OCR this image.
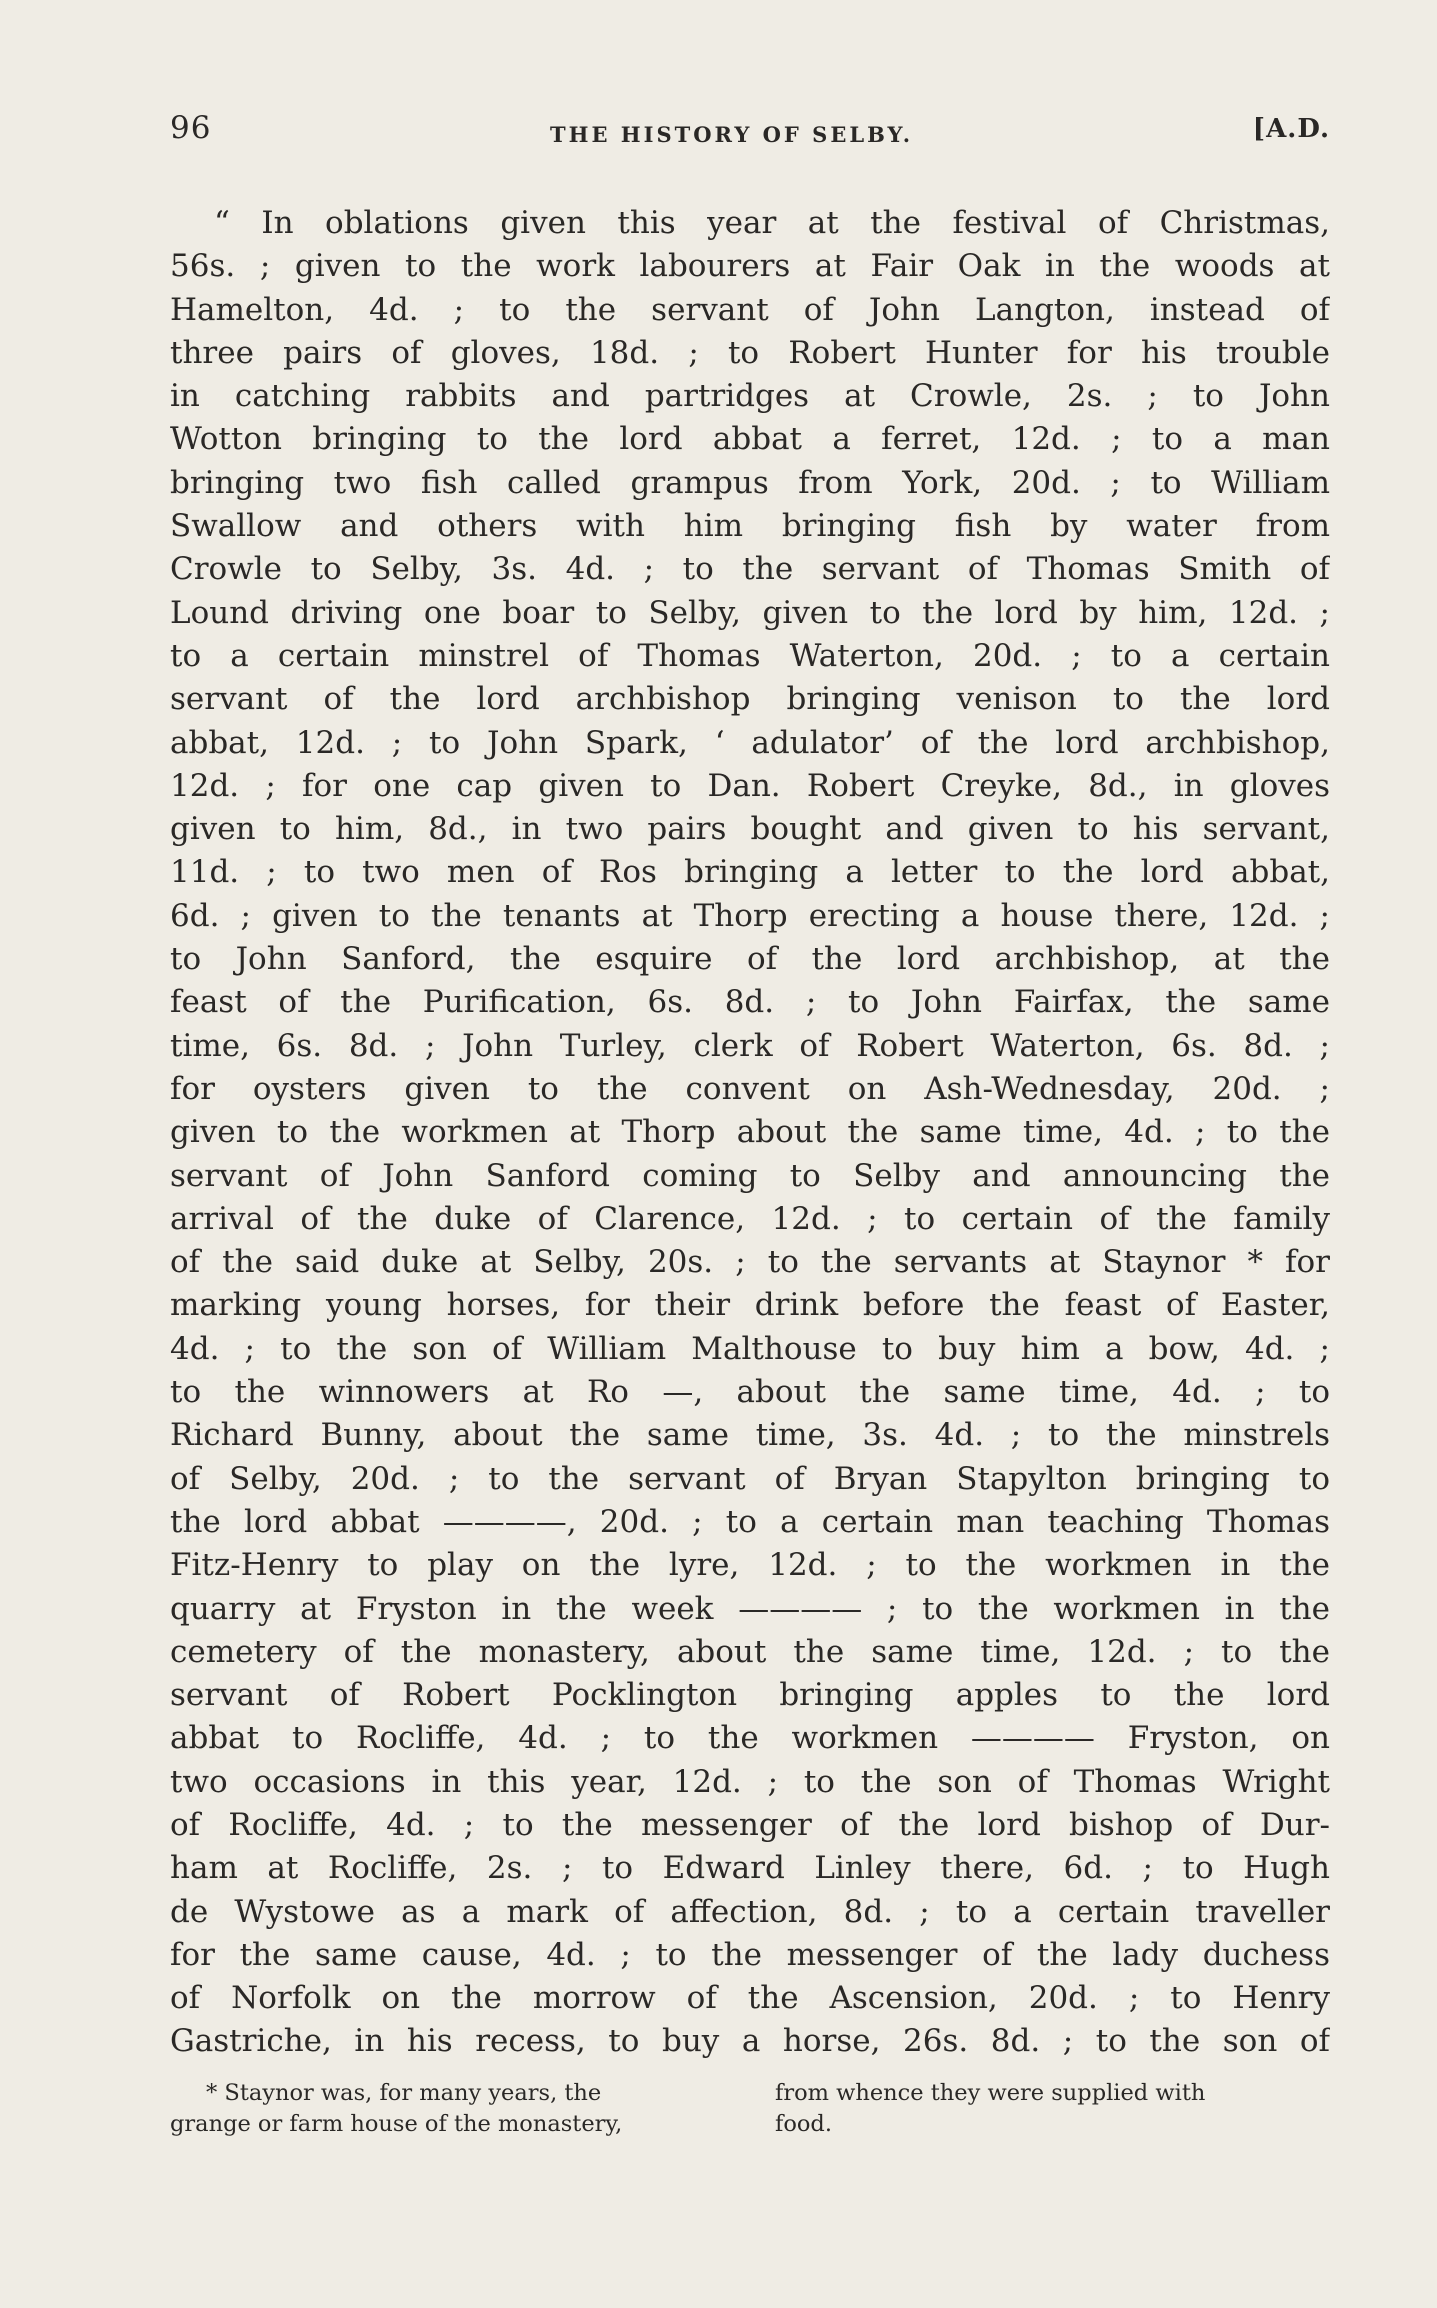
96	THE HISTORY OF SELBY.	[A.D.
“ In oblations given this year at the festival of Christmas,
56s. ; given to the work labourers at Fair Oak in the woods at
Hamelton, 4d. ; to the servant of John Langton, instead of
three pairs of gloves, 18d. ; to Robert Hunter for his trouble
in catching rabbits and partridges at Crowle, 2s. ; to John
Wotton bringing to the lord abbat a ferret, 12d. ; to a man
bringing two fish called grampus from York, 20d. ; to William
Swallow and others with him bringing fish by water from
Crowle to Selby, 3s. 4d. ; to the servant of Thomas Smith of
Lound driving one boar to Selby, given to the lord by him, 12d. ;
to a certain minstrel of Thomas Waterton, 20d. ; to a certain
servant of the lord archbishop bringing venison to the lord
abbat, 12d. ; to John Spark, ‘ adulator’ of the lord archbishop,
12d. ; for one cap given to Dan. Robert Creyke, 8d., in gloves
given to him, 8d., in two pairs bought and given to his servant,
11d. ; to two men of Ros bringing a letter to the lord abbat,
6d. ; given to the tenants at Thorp erecting a house there, 12d. ;
to John Sanford, the esquire of the lord archbishop, at the
feast of the Purification, 6s. 8d. ; to John Fairfax, the same
time, 6s. 8d. ; John Turley, clerk of Robert Waterton, 6s. 8d. ;
for oysters given to the convent on Ash-Wednesday, 20d. ;
given to the workmen at Thorp about the same time, 4d. ; to the
servant of John Sanford coming to Selby and announcing the
arrival of the duke of Clarence, 12d. ; to certain of the family
of the said duke at Selby, 20s. ; to the servants at Staynor * for
marking young horses, for their drink before the feast of Easter,
4d. ; to the son of William Malthouse to buy him a bow, 4d. ;
to the winnowers at Ro —, about the same time, 4d. ; to
Richard Bunny, about the same time, 3s. 4d. ; to the minstrels
of Selby, 20d. ; to the servant of Bryan Stapylton bringing to
the lord abbat ————, 20d. ; to a certain man teaching Thomas
Fitz-Henry to play on the lyre, 12d. ; to the workmen in the
quarry at Fryston in the week ———— ; to the workmen in the
cemetery of the monastery, about the same time, 12d. ; to the
servant of Robert Pocklington bringing apples to the lord
abbat to Rocliffe, 4d. ; to the workmen ———— Fryston, on
two occasions in this year, 12d. ; to the son of Thomas Wright
of Rocliffe, 4d. ; to the messenger of the lord bishop of Dur-
ham at Rocliffe, 2s. ; to Edward Linley there, 6d. ; to Hugh
de Wystowe as a mark of affection, 8d. ; to a certain traveller
for the same cause, 4d. ; to the messenger of the lady duchess
of Norfolk on the morrow of the Ascension, 20d. ; to Henry
Gastriche, in his recess, to buy a horse, 26s. 8d. ; to the son of
* Staynor was, for many years, the
grange or farm house of the monastery,
from whence they were supplied with
food.
